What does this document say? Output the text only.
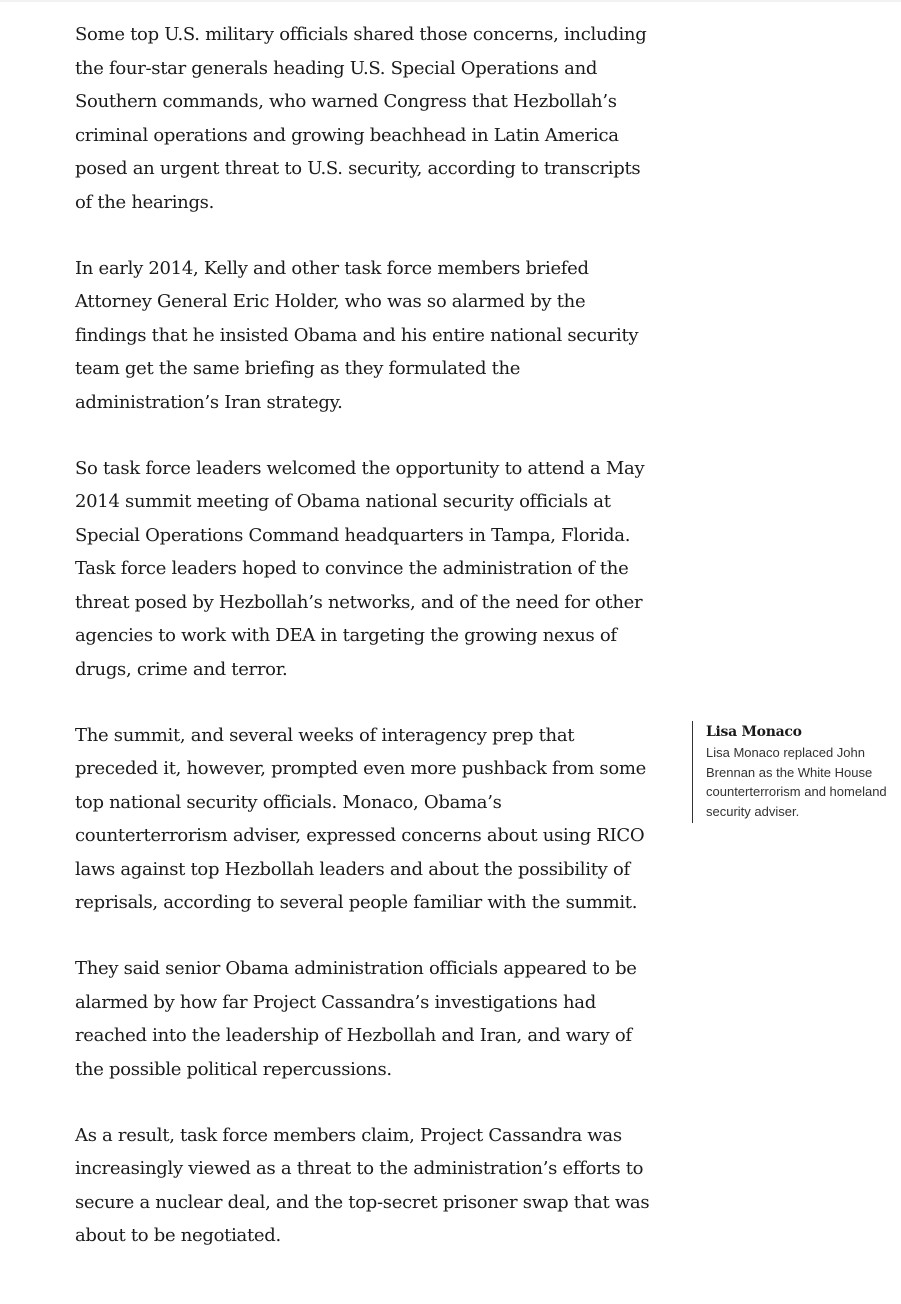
Some top U.S. military officials shared those concerns, including the four-star generals heading U.S. Special Operations and Southern commands, who warned Congress that Hezbollah’s criminal operations and growing beachhead in Latin America posed an urgent threat to U.S. security, according to transcripts of the hearings.

In early 2014, Kelly and other task force members briefed Attorney General Eric Holder, who was so alarmed by the findings that he insisted Obama and his entire national security team get the same briefing as they formulated the administration’s Iran strategy.

So task force leaders welcomed the opportunity to attend a May 2014 summit meeting of Obama national security officials at Special Operations Command headquarters in Tampa, Florida. Task force leaders hoped to convince the administration of the threat posed by Hezbollah’s networks, and of the need for other agencies to work with DEA in targeting the growing nexus of drugs, crime and terror.

The summit, and several weeks of interagency prep that preceded it, however, prompted even more pushback from some top national security officials. Monaco, Obama’s counterterrorism adviser, expressed concerns about using RICO laws against top Hezbollah leaders and about the possibility of reprisals, according to several people familiar with the summit.

They said senior Obama administration officials appeared to be alarmed by how far Project Cassandra’s investigations had reached into the leadership of Hezbollah and Iran, and wary of the possible political repercussions.

As a result, task force members claim, Project Cassandra was increasingly viewed as a threat to the administration’s efforts to secure a nuclear deal, and the top-secret prisoner swap that was about to be negotiated.

Lisa Monaco
Lisa Monaco replaced John Brennan as the White House counterterrorism and homeland security adviser.
